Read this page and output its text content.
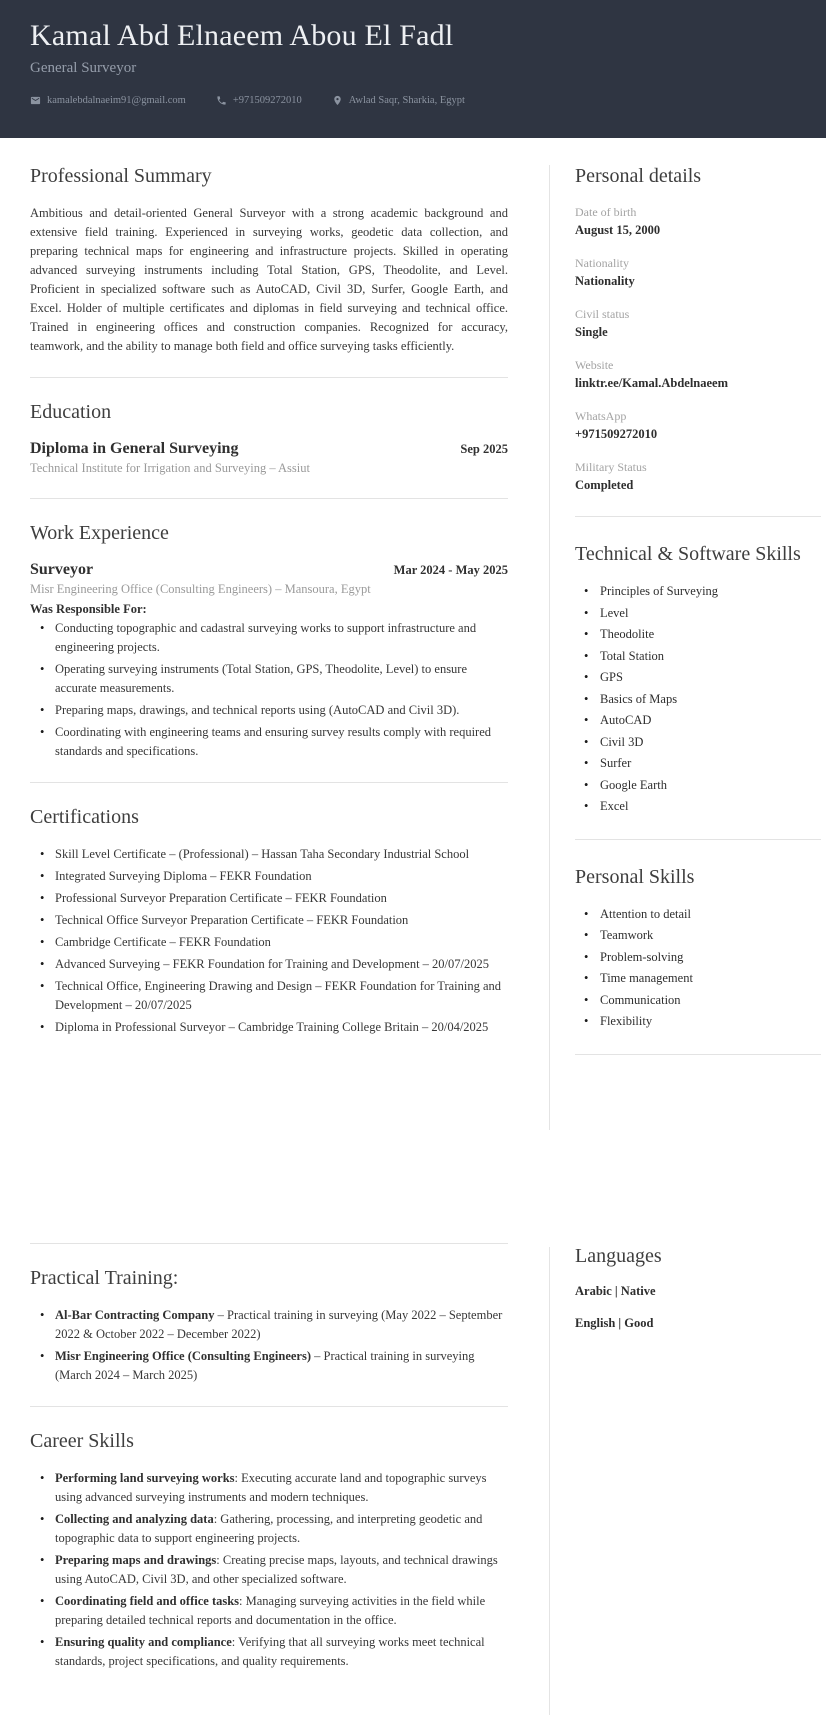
Kamal Abd Elnaeem Abou El Fadl
General Surveyor
kamalebdalnaeim91@gmail.com	+971509272010	Awlad Saqr, Sharkia, Egypt
Professional Summary

Ambitious and detail-oriented General Surveyor with a strong academic background and extensive field training. Experienced in surveying works, geodetic data collection, and preparing technical maps for engineering and infrastructure projects. Skilled in operating advanced surveying instruments including Total Station, GPS, Theodolite, and Level. Proficient in specialized software such as AutoCAD, Civil 3D, Surfer, Google Earth, and Excel. Holder of multiple certificates and diplomas in field surveying and technical office. Trained in engineering offices and construction companies. Recognized for accuracy, teamwork, and the ability to manage both field and office surveying tasks efficiently.

Education
Diploma in General Surveying	Sep 2025
Technical Institute for Irrigation and Surveying – Assiut
Work Experience
Surveyor	Mar 2024 - May 2025
Misr Engineering Office (Consulting Engineers) – Mansoura, Egypt
Was Responsible For:
• Conducting topographic and cadastral surveying works to support infrastructure and engineering projects.
• Operating surveying instruments (Total Station, GPS, Theodolite, Level) to ensure accurate measurements.
• Preparing maps, drawings, and technical reports using (AutoCAD and Civil 3D).
• Coordinating with engineering teams and ensuring survey results comply with required standards and specifications.
Certifications
• Skill Level Certificate – (Professional) – Hassan Taha Secondary Industrial School
• Integrated Surveying Diploma – FEKR Foundation
• Professional Surveyor Preparation Certificate – FEKR Foundation
• Technical Office Surveyor Preparation Certificate – FEKR Foundation
• Cambridge Certificate – FEKR Foundation
• Advanced Surveying – FEKR Foundation for Training and Development – 20/07/2025
• Technical Office, Engineering Drawing and Design – FEKR Foundation for Training and Development – 20/07/2025
• Diploma in Professional Surveyor – Cambridge Training College Britain – 20/04/2025
Personal details
Date of birth
August 15, 2000
Nationality
Nationality
Civil status
Single
Website
linktr.ee/Kamal.Abdelnaeem
WhatsApp
+971509272010
Military Status
Completed
Technical & Software Skills
• Principles of Surveying
• Level
• Theodolite
• Total Station
• GPS
• Basics of Maps
• AutoCAD
• Civil 3D
• Surfer
• Google Earth
• Excel
Personal Skills
• Attention to detail
• Teamwork
• Problem-solving
• Time management
• Communication
• Flexibility
Practical Training:
• Al-Bar Contracting Company – Practical training in surveying (May 2022 – September 2022 & October 2022 – December 2022)
• Misr Engineering Office (Consulting Engineers) – Practical training in surveying (March 2024 – March 2025)
Career Skills
• Performing land surveying works: Executing accurate land and topographic surveys using advanced surveying instruments and modern techniques.
• Collecting and analyzing data: Gathering, processing, and interpreting geodetic and topographic data to support engineering projects.
• Preparing maps and drawings: Creating precise maps, layouts, and technical drawings using AutoCAD, Civil 3D, and other specialized software.
• Coordinating field and office tasks: Managing surveying activities in the field while preparing detailed technical reports and documentation in the office.
• Ensuring quality and compliance: Verifying that all surveying works meet technical standards, project specifications, and quality requirements.
Languages
Arabic | Native
English | Good
